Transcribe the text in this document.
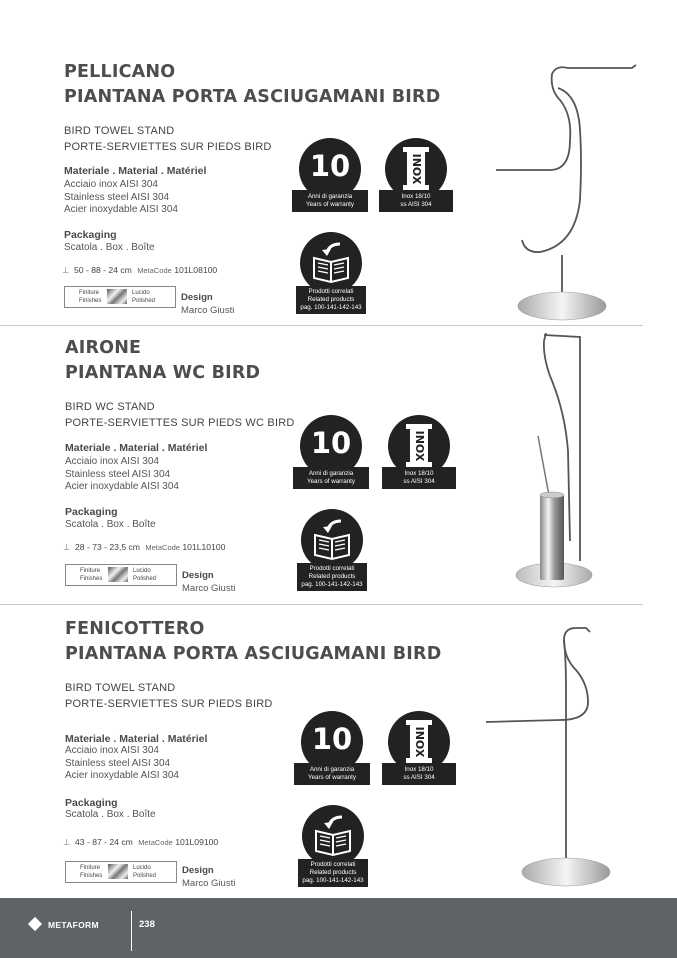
PELLICANO
PIANTANA PORTA ASCIUGAMANI BIRD
BIRD TOWEL STAND
PORTE-SERVIETTES SUR PIEDS BIRD
Materiale . Material . Matériel
Acciaio inox AISI 304
Stainless steel AISI 304
Acier inoxydable AISI 304
Packaging
Scatola . Box . Boîte
⊥ 50 - 88 - 24 cm MetaCode 101L08100
Finiture
Finishes
Lucido
Polished	Design
Marco Giusti
10
Anni di garanzia
Years of warranty
INOX
Inox 18/10
ss AISI 304
Prodotti correlati
Related products
pag. 100-141-142-143
AIRONE
PIANTANA WC BIRD
BIRD WC STAND
PORTE-SERVIETTES SUR PIEDS WC BIRD
Materiale . Material . Matériel
Acciaio inox AISI 304
Stainless steel AISI 304
Acier inoxydable AISI 304
Packaging
Scatola . Box . Boîte
⊥ 28 - 73 - 23,5 cm MetaCode 101L10100
Finiture
Finishes
Lucido
Polished	Design
Marco Giusti
10
Anni di garanzia
Years of warranty
INOX
Inox 18/10
ss AISI 304
Prodotti correlati
Related products
pag. 100-141-142-143
FENICOTTERO
PIANTANA PORTA ASCIUGAMANI BIRD
BIRD TOWEL STAND
PORTE-SERVIETTES SUR PIEDS BIRD
Materiale . Material . Matériel
Acciaio inox AISI 304
Stainless steel AISI 304
Acier inoxydable AISI 304
Packaging
Scatola . Box . Boîte
⊥ 43 - 87 - 24 cm MetaCode 101L09100
Finiture
Finishes
Lucido
Polished	Design
Marco Giusti
10
Anni di garanzia
Years of warranty
INOX
Inox 18/10
ss AISI 304
Prodotti correlati
Related products
pag. 100-141-142-143
METAFORM	238
